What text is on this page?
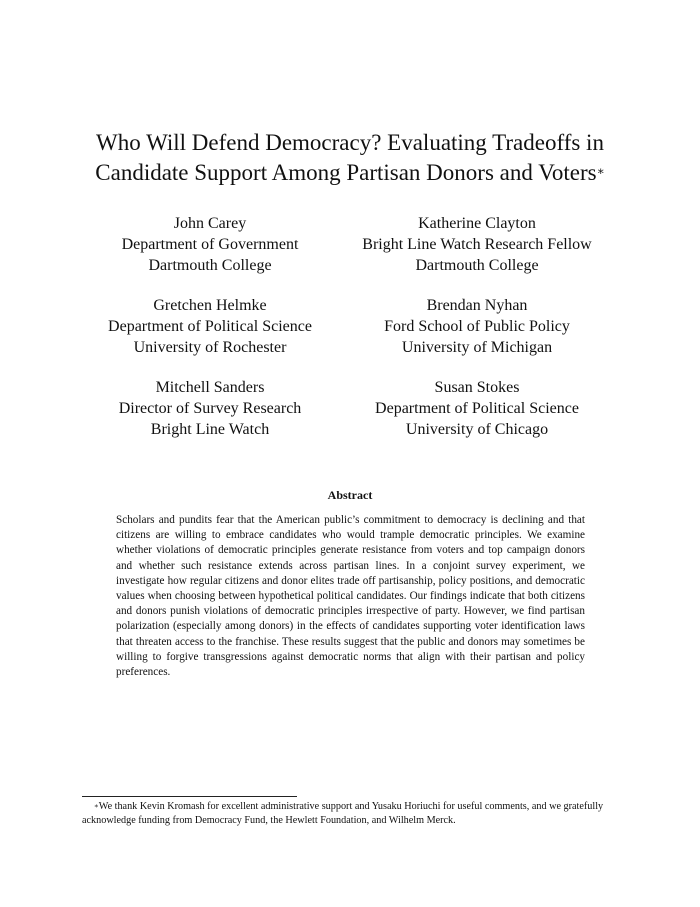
Who Will Defend Democracy? Evaluating Tradeoffs in
Candidate Support Among Partisan Donors and Voters∗
John Carey
Department of Government
Dartmouth College
Katherine Clayton
Bright Line Watch Research Fellow
Dartmouth College
Gretchen Helmke
Department of Political Science
University of Rochester
Brendan Nyhan
Ford School of Public Policy
University of Michigan
Mitchell Sanders
Director of Survey Research
Bright Line Watch
Susan Stokes
Department of Political Science
University of Chicago
Abstract

Scholars and pundits fear that the American public’s commitment to democracy is declining and that citizens are willing to embrace candidates who would trample democratic principles. We examine whether violations of democratic principles generate resistance from voters and top campaign donors and whether such resistance extends across partisan lines. In a conjoint survey experiment, we investigate how regular citizens and donor elites trade off partisanship, policy positions, and democratic values when choosing between hypothetical political candidates. Our findings indicate that both citizens and donors punish violations of democratic principles irrespective of party. However, we find partisan polarization (especially among donors) in the effects of candidates supporting voter identification laws that threaten access to the franchise. These results suggest that the public and donors may sometimes be willing to forgive transgressions against democratic norms that align with their partisan and policy preferences.

∗We thank Kevin Kromash for excellent administrative support and Yusaku Horiuchi for useful comments, and we gratefully acknowledge funding from Democracy Fund, the Hewlett Foundation, and Wilhelm Merck.
